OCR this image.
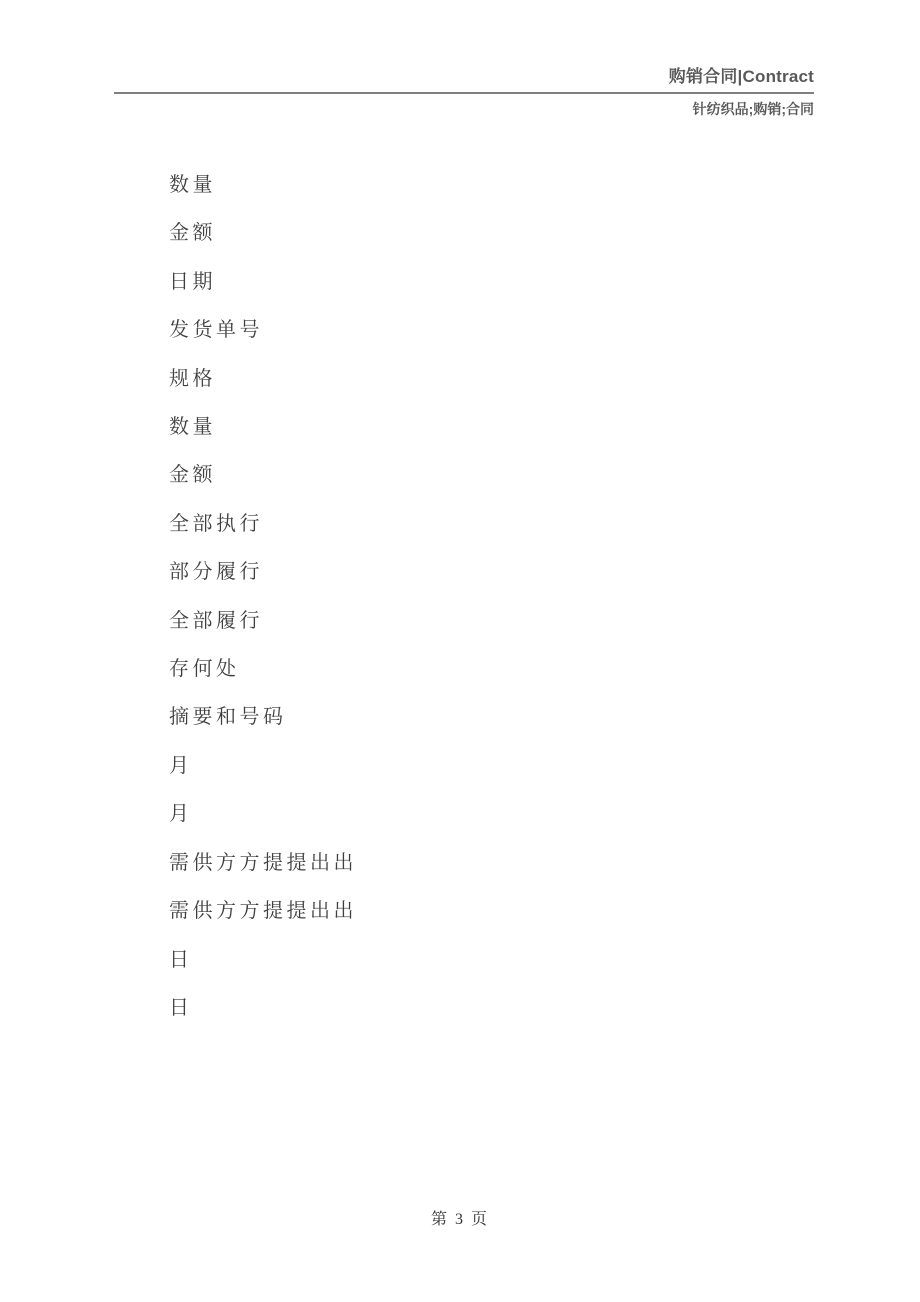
购销合同|Contract
针纺织品;购销;合同
数量
金额
日期
发货单号
规格
数量
金额
全部执行
部分履行
全部履行
存何处
摘要和号码
月
月
需供方方提提出出
需供方方提提出出
日
日
第 3 页
